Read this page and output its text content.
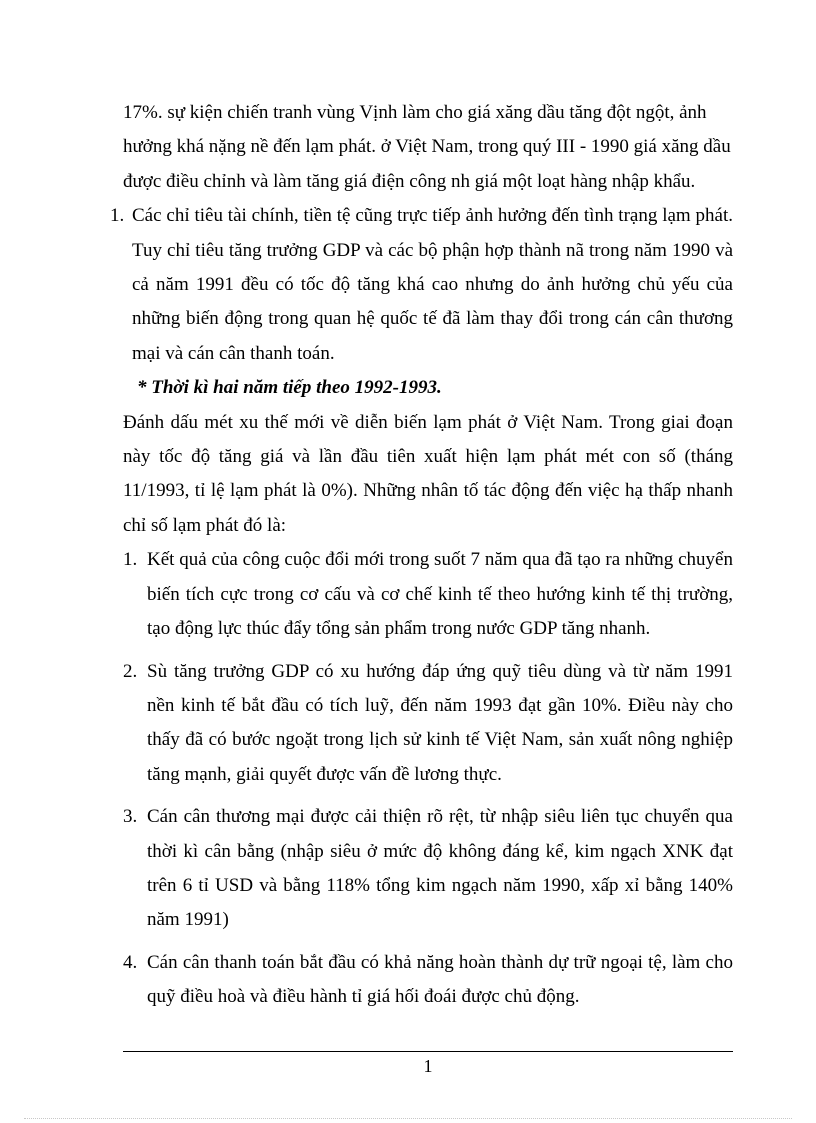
17%. sự kiện chiến tranh vùng Vịnh làm cho giá xăng dầu tăng đột ngột, ảnh
hưởng khá nặng nề đến lạm phát. ở Việt Nam, trong quý III - 1990 giá xăng dầu
được điều chỉnh và làm tăng giá điện công nh giá một loạt hàng nhập khẩu.
1. Các chỉ tiêu tài chính, tiền tệ cũng trực tiếp ảnh hưởng đến tình trạng lạm phát. Tuy chỉ tiêu tăng trưởng GDP và các bộ phận hợp thành nã trong năm 1990 và cả năm 1991 đều có tốc độ tăng khá cao nhưng do ảnh hưởng chủ yếu của những biến động trong quan hệ quốc tế đã làm thay đổi trong cán cân thương mại và cán cân thanh toán.
* Thời kì hai năm tiếp theo 1992-1993.
Đánh dấu mét xu thế mới về diễn biến lạm phát ở Việt Nam. Trong giai đoạn này tốc độ tăng giá và lần đầu tiên xuất hiện lạm phát mét con số (tháng 11/1993, tỉ lệ lạm phát là 0%). Những nhân tố tác động đến việc hạ thấp nhanh chỉ số lạm phát đó là:
1. Kết quả của công cuộc đổi mới trong suốt 7 năm qua đã tạo ra những chuyển biến tích cực trong cơ cấu và cơ chế kinh tế theo hướng kinh tế thị trường, tạo động lực thúc đẩy tổng sản phẩm trong nước GDP tăng nhanh.
2. Sù tăng trưởng GDP có xu hướng đáp ứng quỹ tiêu dùng và từ năm 1991 nền kinh tế bắt đầu có tích luỹ, đến năm 1993 đạt gần 10%. Điều này cho thấy đã có bước ngoặt trong lịch sử kinh tế Việt Nam, sản xuất nông nghiệp tăng mạnh, giải quyết được vấn đề lương thực.
3. Cán cân thương mại được cải thiện rõ rệt, từ nhập siêu liên tục chuyển qua thời kì cân bằng (nhập siêu ở mức độ không đáng kể, kim ngạch XNK đạt trên 6 tỉ USD và bằng 118% tổng kim ngạch năm 1990, xấp xỉ bằng 140% năm 1991)
4. Cán cân thanh toán bắt đầu có khả năng hoàn thành dự trữ ngoại tệ, làm cho quỹ điều hoà và điều hành tỉ giá hối đoái được chủ động.
1
